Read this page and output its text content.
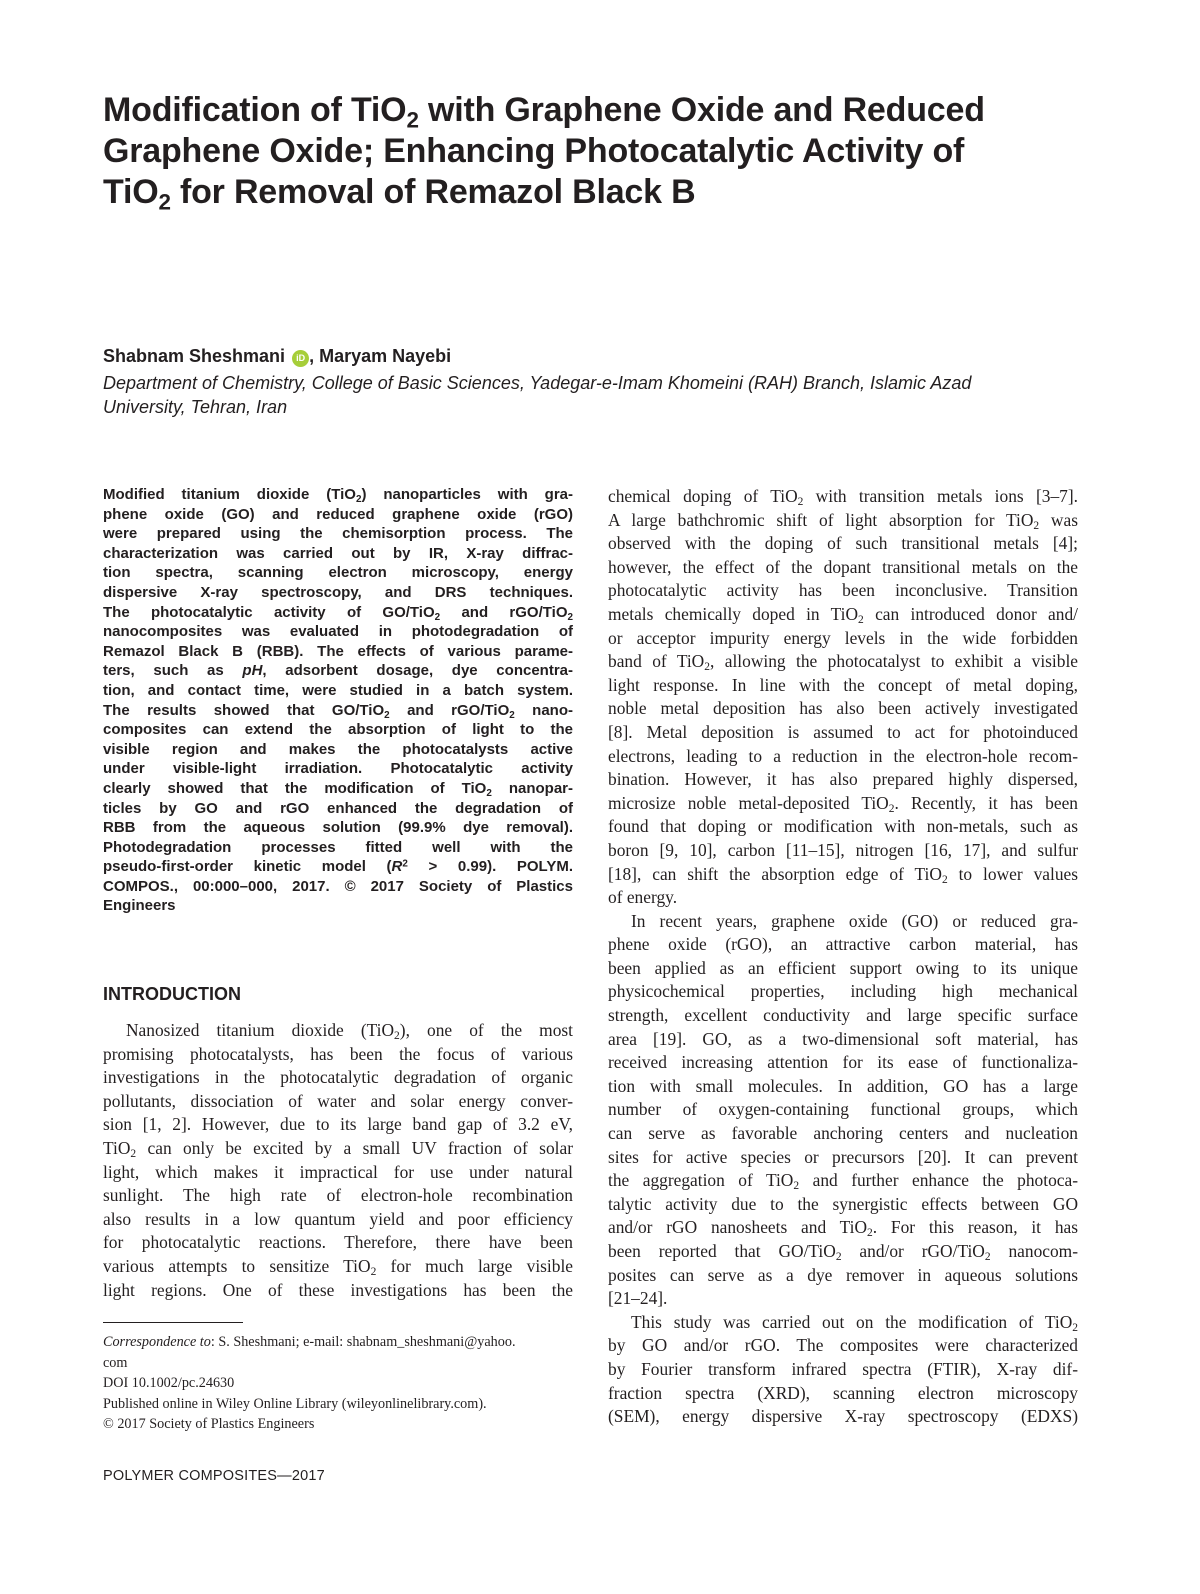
Modification of TiO$_2$ with Graphene Oxide and Reduced
Graphene Oxide; Enhancing Photocatalytic Activity of
TiO$_2$ for Removal of Remazol Black B
Shabnam Sheshmani iD , Maryam Nayebi
Department of Chemistry, College of Basic Sciences, Yadegar-e-Imam Khomeini (RAH) Branch, Islamic Azad
University, Tehran, Iran
Modified titanium dioxide (TiO$_2$) nanoparticles with gra-
phene oxide (GO) and reduced graphene oxide (rGO)
were prepared using the chemisorption process. The
characterization was carried out by IR, X-ray diffrac-
tion spectra, scanning electron microscopy, energy
dispersive X-ray spectroscopy, and DRS techniques.
The photocatalytic activity of GO/TiO$_2$ and rGO/TiO$_2$
nanocomposites was evaluated in photodegradation of
Remazol Black B (RBB). The effects of various parame-
ters, such as pH, adsorbent dosage, dye concentra-
tion, and contact time, were studied in a batch system.
The results showed that GO/TiO$_2$ and rGO/TiO$_2$ nano-
composites can extend the absorption of light to the
visible region and makes the photocatalysts active
under visible-light irradiation. Photocatalytic activity
clearly showed that the modification of TiO$_2$ nanopar-
ticles by GO and rGO enhanced the degradation of
RBB from the aqueous solution (99.9% dye removal).
Photodegradation processes fitted well with the
pseudo-first-order kinetic model $(R^2 > 0.99)$. POLYM.
COMPOS., 00:000–000, 2017. © 2017 Society of Plastics
Engineers
INTRODUCTION
Nanosized titanium dioxide (TiO$_2$), one of the most
promising photocatalysts, has been the focus of various
investigations in the photocatalytic degradation of organic
pollutants, dissociation of water and solar energy conver-
sion [1, 2]. However, due to its large band gap of 3.2 eV,
TiO$_2$ can only be excited by a small UV fraction of solar
light, which makes it impractical for use under natural
sunlight. The high rate of electron-hole recombination
also results in a low quantum yield and poor efficiency
for photocatalytic reactions. Therefore, there have been
various attempts to sensitize TiO$_2$ for much large visible
light regions. One of these investigations has been the
Correspondence to: S. Sheshmani; e-mail: shabnam_sheshmani@yahoo.
com
DOI 10.1002/pc.24630
Published online in Wiley Online Library (wileyonlinelibrary.com).
© 2017 Society of Plastics Engineers
chemical doping of TiO$_2$ with transition metals ions [3–7].
A large bathchromic shift of light absorption for TiO$_2$ was
observed with the doping of such transitional metals [4];
however, the effect of the dopant transitional metals on the
photocatalytic activity has been inconclusive. Transition
metals chemically doped in TiO$_2$ can introduced donor and/
or acceptor impurity energy levels in the wide forbidden
band of TiO$_2$, allowing the photocatalyst to exhibit a visible
light response. In line with the concept of metal doping,
noble metal deposition has also been actively investigated
[8]. Metal deposition is assumed to act for photoinduced
electrons, leading to a reduction in the electron-hole recom-
bination. However, it has also prepared highly dispersed,
microsize noble metal-deposited TiO$_2$. Recently, it has been
found that doping or modification with non-metals, such as
boron [9, 10], carbon [11–15], nitrogen [16, 17], and sulfur
[18], can shift the absorption edge of TiO$_2$ to lower values
of energy.
In recent years, graphene oxide (GO) or reduced gra-
phene oxide (rGO), an attractive carbon material, has
been applied as an efficient support owing to its unique
physicochemical properties, including high mechanical
strength, excellent conductivity and large specific surface
area [19]. GO, as a two-dimensional soft material, has
received increasing attention for its ease of functionaliza-
tion with small molecules. In addition, GO has a large
number of oxygen-containing functional groups, which
can serve as favorable anchoring centers and nucleation
sites for active species or precursors [20]. It can prevent
the aggregation of TiO$_2$ and further enhance the photoca-
talytic activity due to the synergistic effects between GO
and/or rGO nanosheets and TiO$_2$. For this reason, it has
been reported that GO/TiO$_2$ and/or rGO/TiO$_2$ nanocom-
posites can serve as a dye remover in aqueous solutions
[21–24].
This study was carried out on the modification of TiO$_2$
by GO and/or rGO. The composites were characterized
by Fourier transform infrared spectra (FTIR), X-ray dif-
fraction spectra (XRD), scanning electron microscopy
(SEM), energy dispersive X-ray spectroscopy (EDXS)
POLYMER COMPOSITES—2017
